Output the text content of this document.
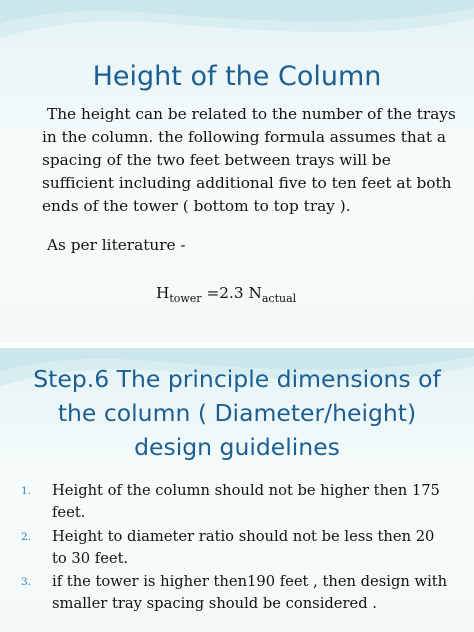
Height of the Column
The height can be related to the number of the trays in the column. the following formula assumes that a spacing of the two feet between trays will be sufficient including additional five to ten feet at both ends of the tower ( bottom to top tray ).
As per literature -
$H_{tower} =2.3$ $N_{actual}$
Step.6 The principle dimensions of
the column ( Diameter/height)
design guidelines
1. Height of the column should not be higher then 175
feet.
2. Height to diameter ratio should not be less then 20
to 30 feet.
3. if the tower is higher then190 feet , then design with
smaller tray spacing should be considered .
